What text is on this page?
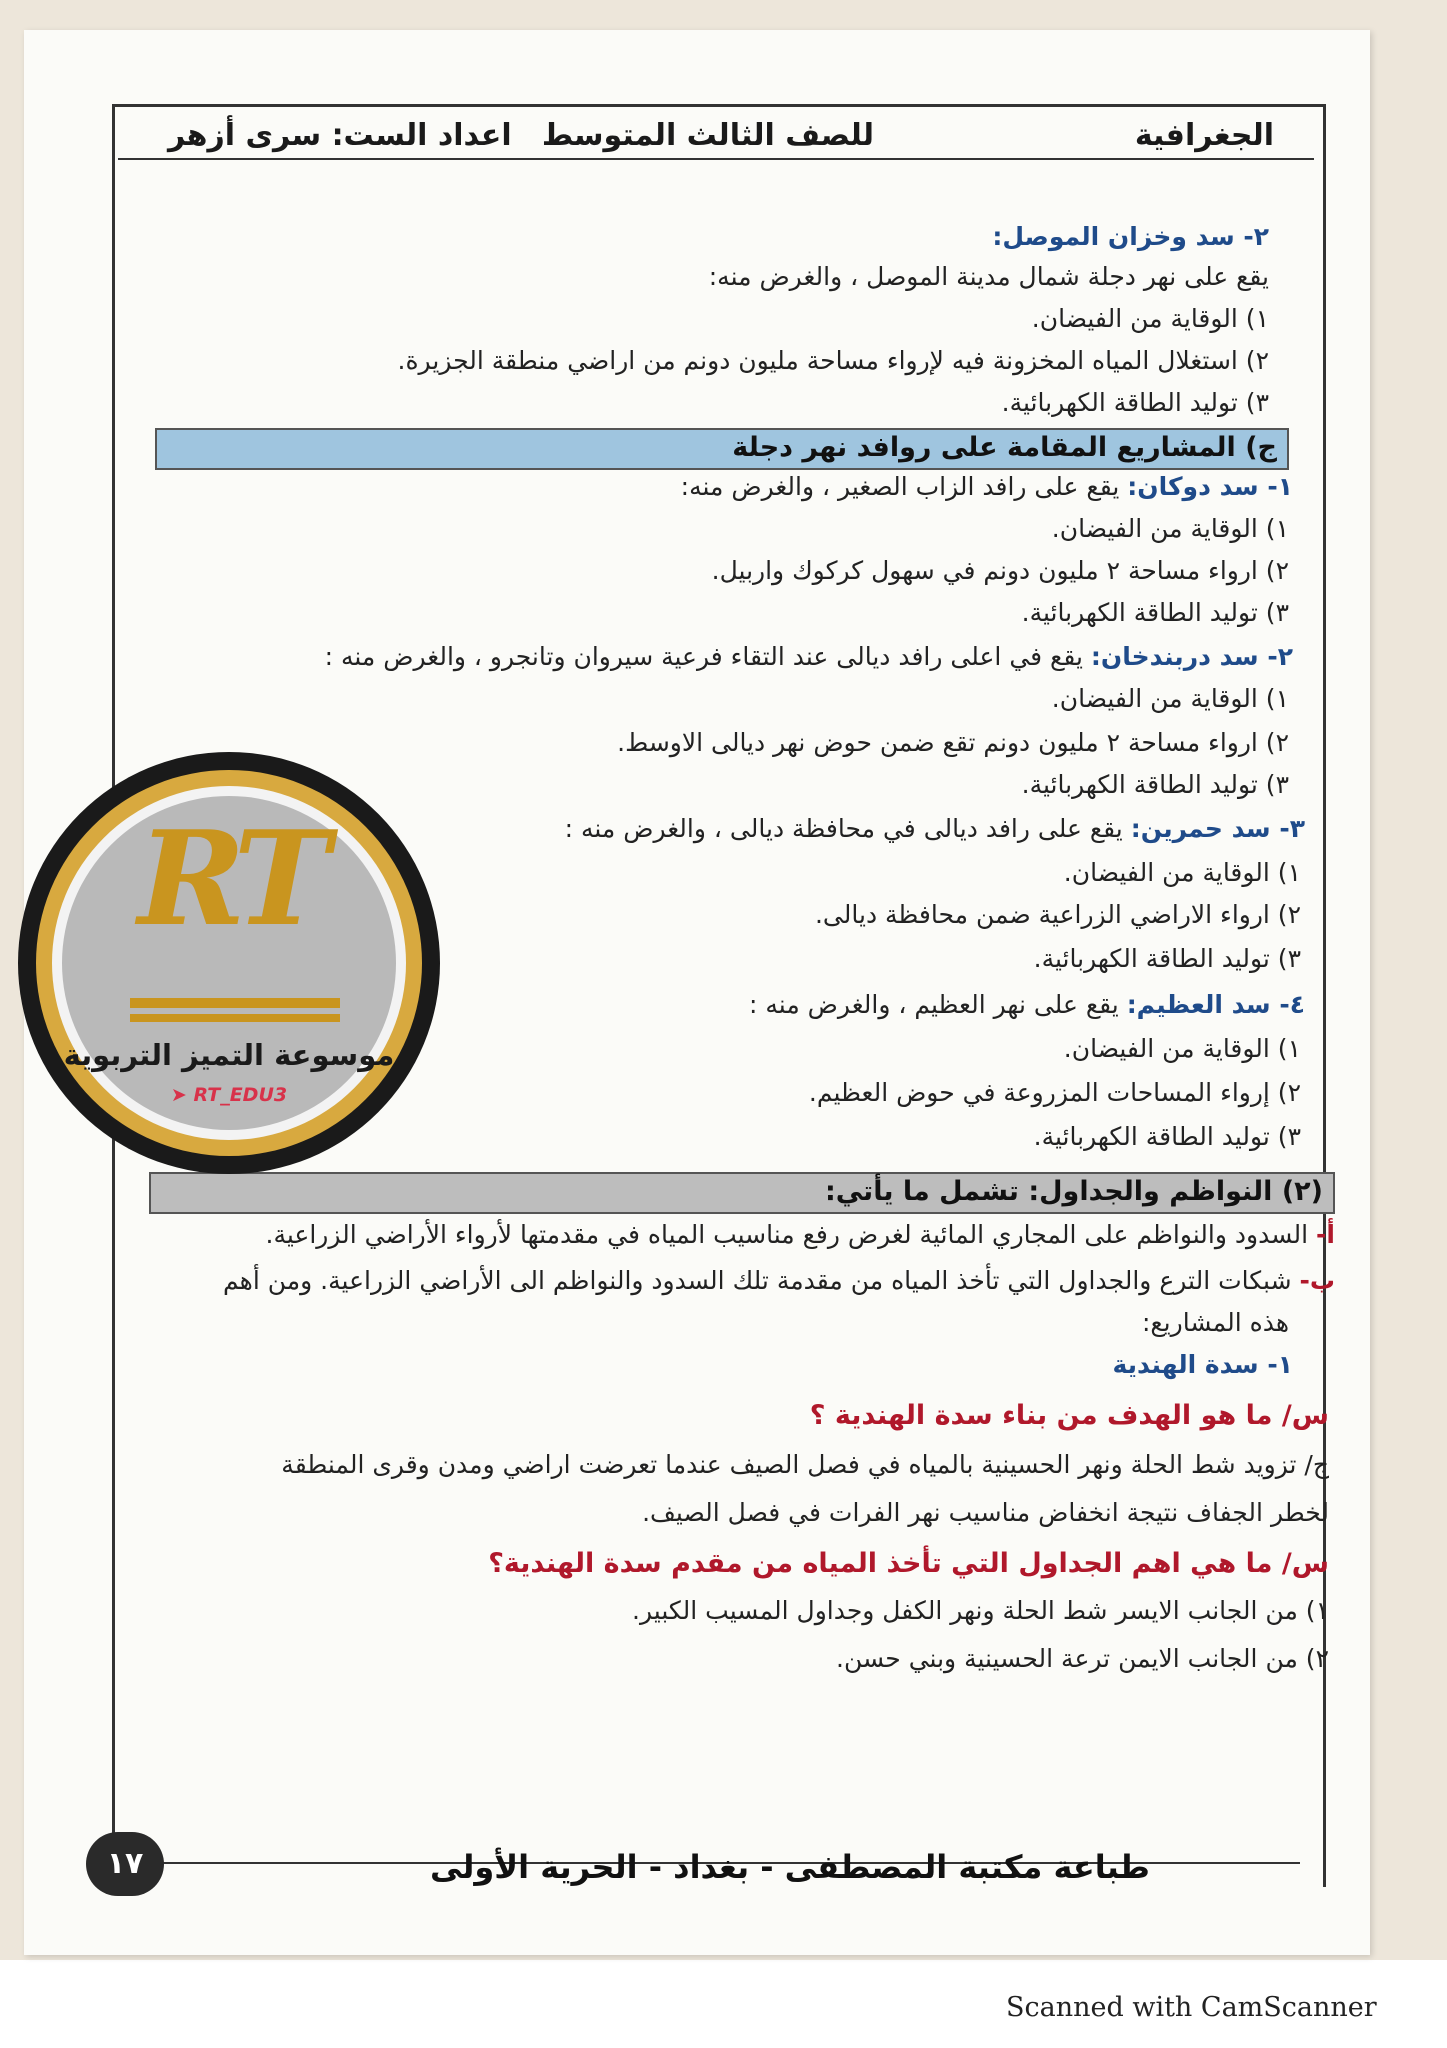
الجغرافية
للصف الثالث المتوسط
اعداد الست: سرى أزهر
٢- سد وخزان الموصل:
يقع على نهر دجلة شمال مدينة الموصل ، والغرض منه:
١) الوقاية من الفيضان.
٢) استغلال المياه المخزونة فيه لإرواء مساحة مليون دونم من اراضي منطقة الجزيرة.
٣) توليد الطاقة الكهربائية.
ج) المشاريع المقامة على روافد نهر دجلة
١- سد دوكان: يقع على رافد الزاب الصغير ، والغرض منه:
١) الوقاية من الفيضان.
٢) ارواء مساحة ٢ مليون دونم في سهول كركوك واربيل.
٣) توليد الطاقة الكهربائية.
٢- سد دربندخان: يقع في اعلى رافد ديالى عند التقاء فرعية سيروان وتانجرو ، والغرض منه :
١) الوقاية من الفيضان.
٢) ارواء مساحة ٢ مليون دونم تقع ضمن حوض نهر ديالى الاوسط.
٣) توليد الطاقة الكهربائية.
٣- سد حمرين: يقع على رافد ديالى في محافظة ديالى ، والغرض منه :
١) الوقاية من الفيضان.
٢) ارواء الاراضي الزراعية ضمن محافظة ديالى.
٣) توليد الطاقة الكهربائية.
٤- سد العظيم: يقع على نهر العظيم ، والغرض منه :
١) الوقاية من الفيضان.
٢) إرواء المساحات المزروعة في حوض العظيم.
٣) توليد الطاقة الكهربائية.
(٢) النواظم والجداول: تشمل ما يأتي:
أ- السدود والنواظم على المجاري المائية لغرض رفع مناسيب المياه في مقدمتها لأرواء الأراضي الزراعية.
ب- شبكات الترع والجداول التي تأخذ المياه من مقدمة تلك السدود والنواظم الى الأراضي الزراعية. ومن أهم
هذه المشاريع:
١- سدة الهندية
س/ ما هو الهدف من بناء سدة الهندية ؟
ج/ تزويد شط الحلة ونهر الحسينية بالمياه في فصل الصيف عندما تعرضت اراضي ومدن وقرى المنطقة
لخطر الجفاف نتيجة انخفاض مناسيب نهر الفرات في فصل الصيف.
س/ ما هي اهم الجداول التي تأخذ المياه من مقدم سدة الهندية؟
١) من الجانب الايسر شط الحلة ونهر الكفل وجداول المسيب الكبير.
٢) من الجانب الايمن ترعة الحسينية وبني حسن.
RT
موسوعة التميز التربوية
➤ RT_EDU3
طباعة مكتبة المصطفى - بغداد - الحرية الأولى
١٧
Scanned with CamScanner
